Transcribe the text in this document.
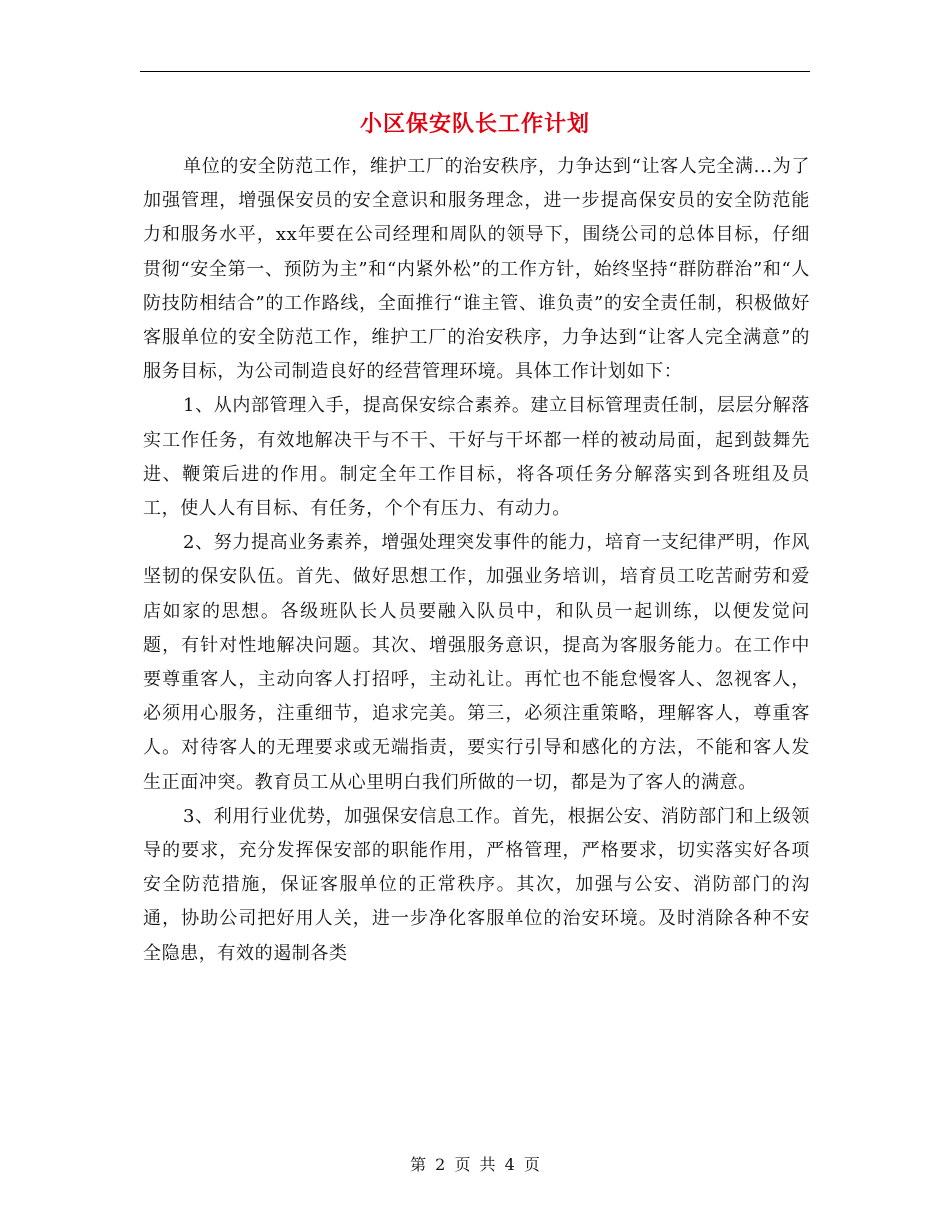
小区保安队长工作计划

单位的安全防范工作，维护工厂的治安秩序，力争达到“让客人完全满...为了加强管理，增强保安员的安全意识和服务理念，进一步提高保安员的安全防范能力和服务水平，xx年要在公司经理和周队的领导下，围绕公司的总体目标，仔细贯彻“安全第一、预防为主”和“内紧外松”的工作方针，始终坚持“群防群治”和“人防技防相结合”的工作路线，全面推行“谁主管、谁负责”的安全责任制，积极做好客服单位的安全防范工作，维护工厂的治安秩序，力争达到“让客人完全满意”的服务目标，为公司制造良好的经营管理环境。具体工作计划如下：

1、从内部管理入手，提高保安综合素养。建立目标管理责任制，层层分解落实工作任务，有效地解决干与不干、干好与干坏都一样的被动局面，起到鼓舞先进、鞭策后进的作用。制定全年工作目标，将各项任务分解落实到各班组及员工，使人人有目标、有任务，个个有压力、有动力。

2、努力提高业务素养，增强处理突发事件的能力，培育一支纪律严明，作风坚韧的保安队伍。首先、做好思想工作，加强业务培训，培育员工吃苦耐劳和爱店如家的思想。各级班队长人员要融入队员中，和队员一起训练，以便发觉问题，有针对性地解决问题。其次、增强服务意识，提高为客服务能力。在工作中要尊重客人，主动向客人打招呼，主动礼让。再忙也不能怠慢客人、忽视客人，必须用心服务，注重细节，追求完美。第三，必须注重策略，理解客人，尊重客人。对待客人的无理要求或无端指责，要实行引导和感化的方法，不能和客人发生正面冲突。教育员工从心里明白我们所做的一切，都是为了客人的满意。

3、利用行业优势，加强保安信息工作。首先，根据公安、消防部门和上级领导的要求，充分发挥保安部的职能作用，严格管理，严格要求，切实落实好各项安全防范措施，保证客服单位的正常秩序。其次，加强与公安、消防部门的沟通，协助公司把好用人关，进一步净化客服单位的治安环境。及时消除各种不安全隐患，有效的遏制各类

第 2 页 共 4 页
